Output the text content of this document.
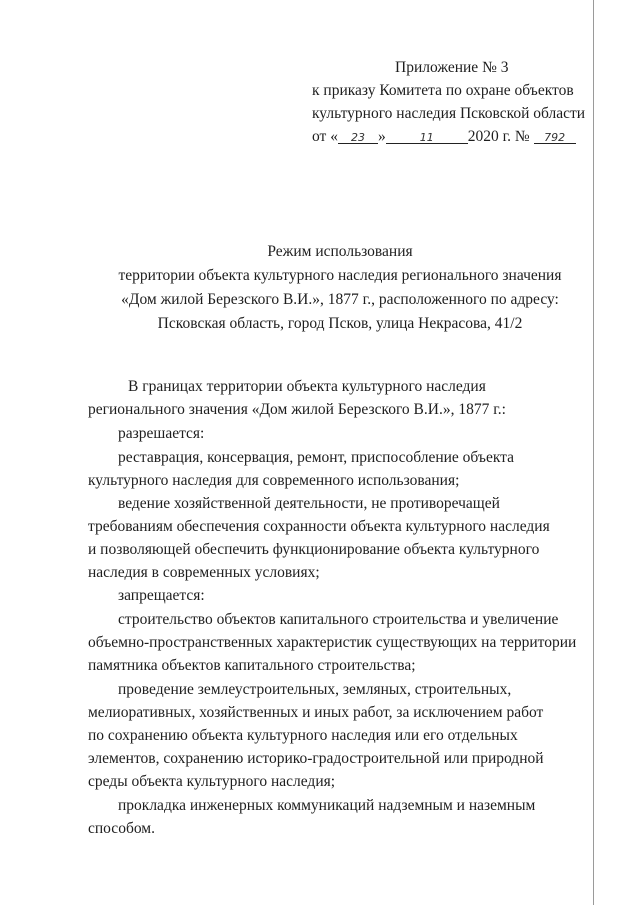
Приложение № 3
к приказу Комитета по охране объектов
культурного наследия Псковской области
от « 23 »	11 2020 г. № 792
Режим использования
территории объекта культурного наследия регионального значения
«Дом жилой Березского В.И.», 1877 г., расположенного по адресу:
Псковская область, город Псков, улица Некрасова, 41/2
В границах территории объекта культурного наследия
регионального значения «Дом жилой Березского В.И.», 1877 г.:
разрешается:
реставрация, консервация, ремонт, приспособление объекта
культурного наследия для современного использования;
ведение хозяйственной деятельности, не противоречащей
требованиям обеспечения сохранности объекта культурного наследия
и позволяющей обеспечить функционирование объекта культурного
наследия в современных условиях;
запрещается:
строительство объектов капитального строительства и увеличение
объемно-пространственных характеристик существующих на территории
памятника объектов капитального строительства;
проведение землеустроительных, земляных, строительных,
мелиоративных, хозяйственных и иных работ, за исключением работ
по сохранению объекта культурного наследия или его отдельных
элементов, сохранению историко-градостроительной или природной
среды объекта культурного наследия;
прокладка инженерных коммуникаций надземным и наземным
способом.
